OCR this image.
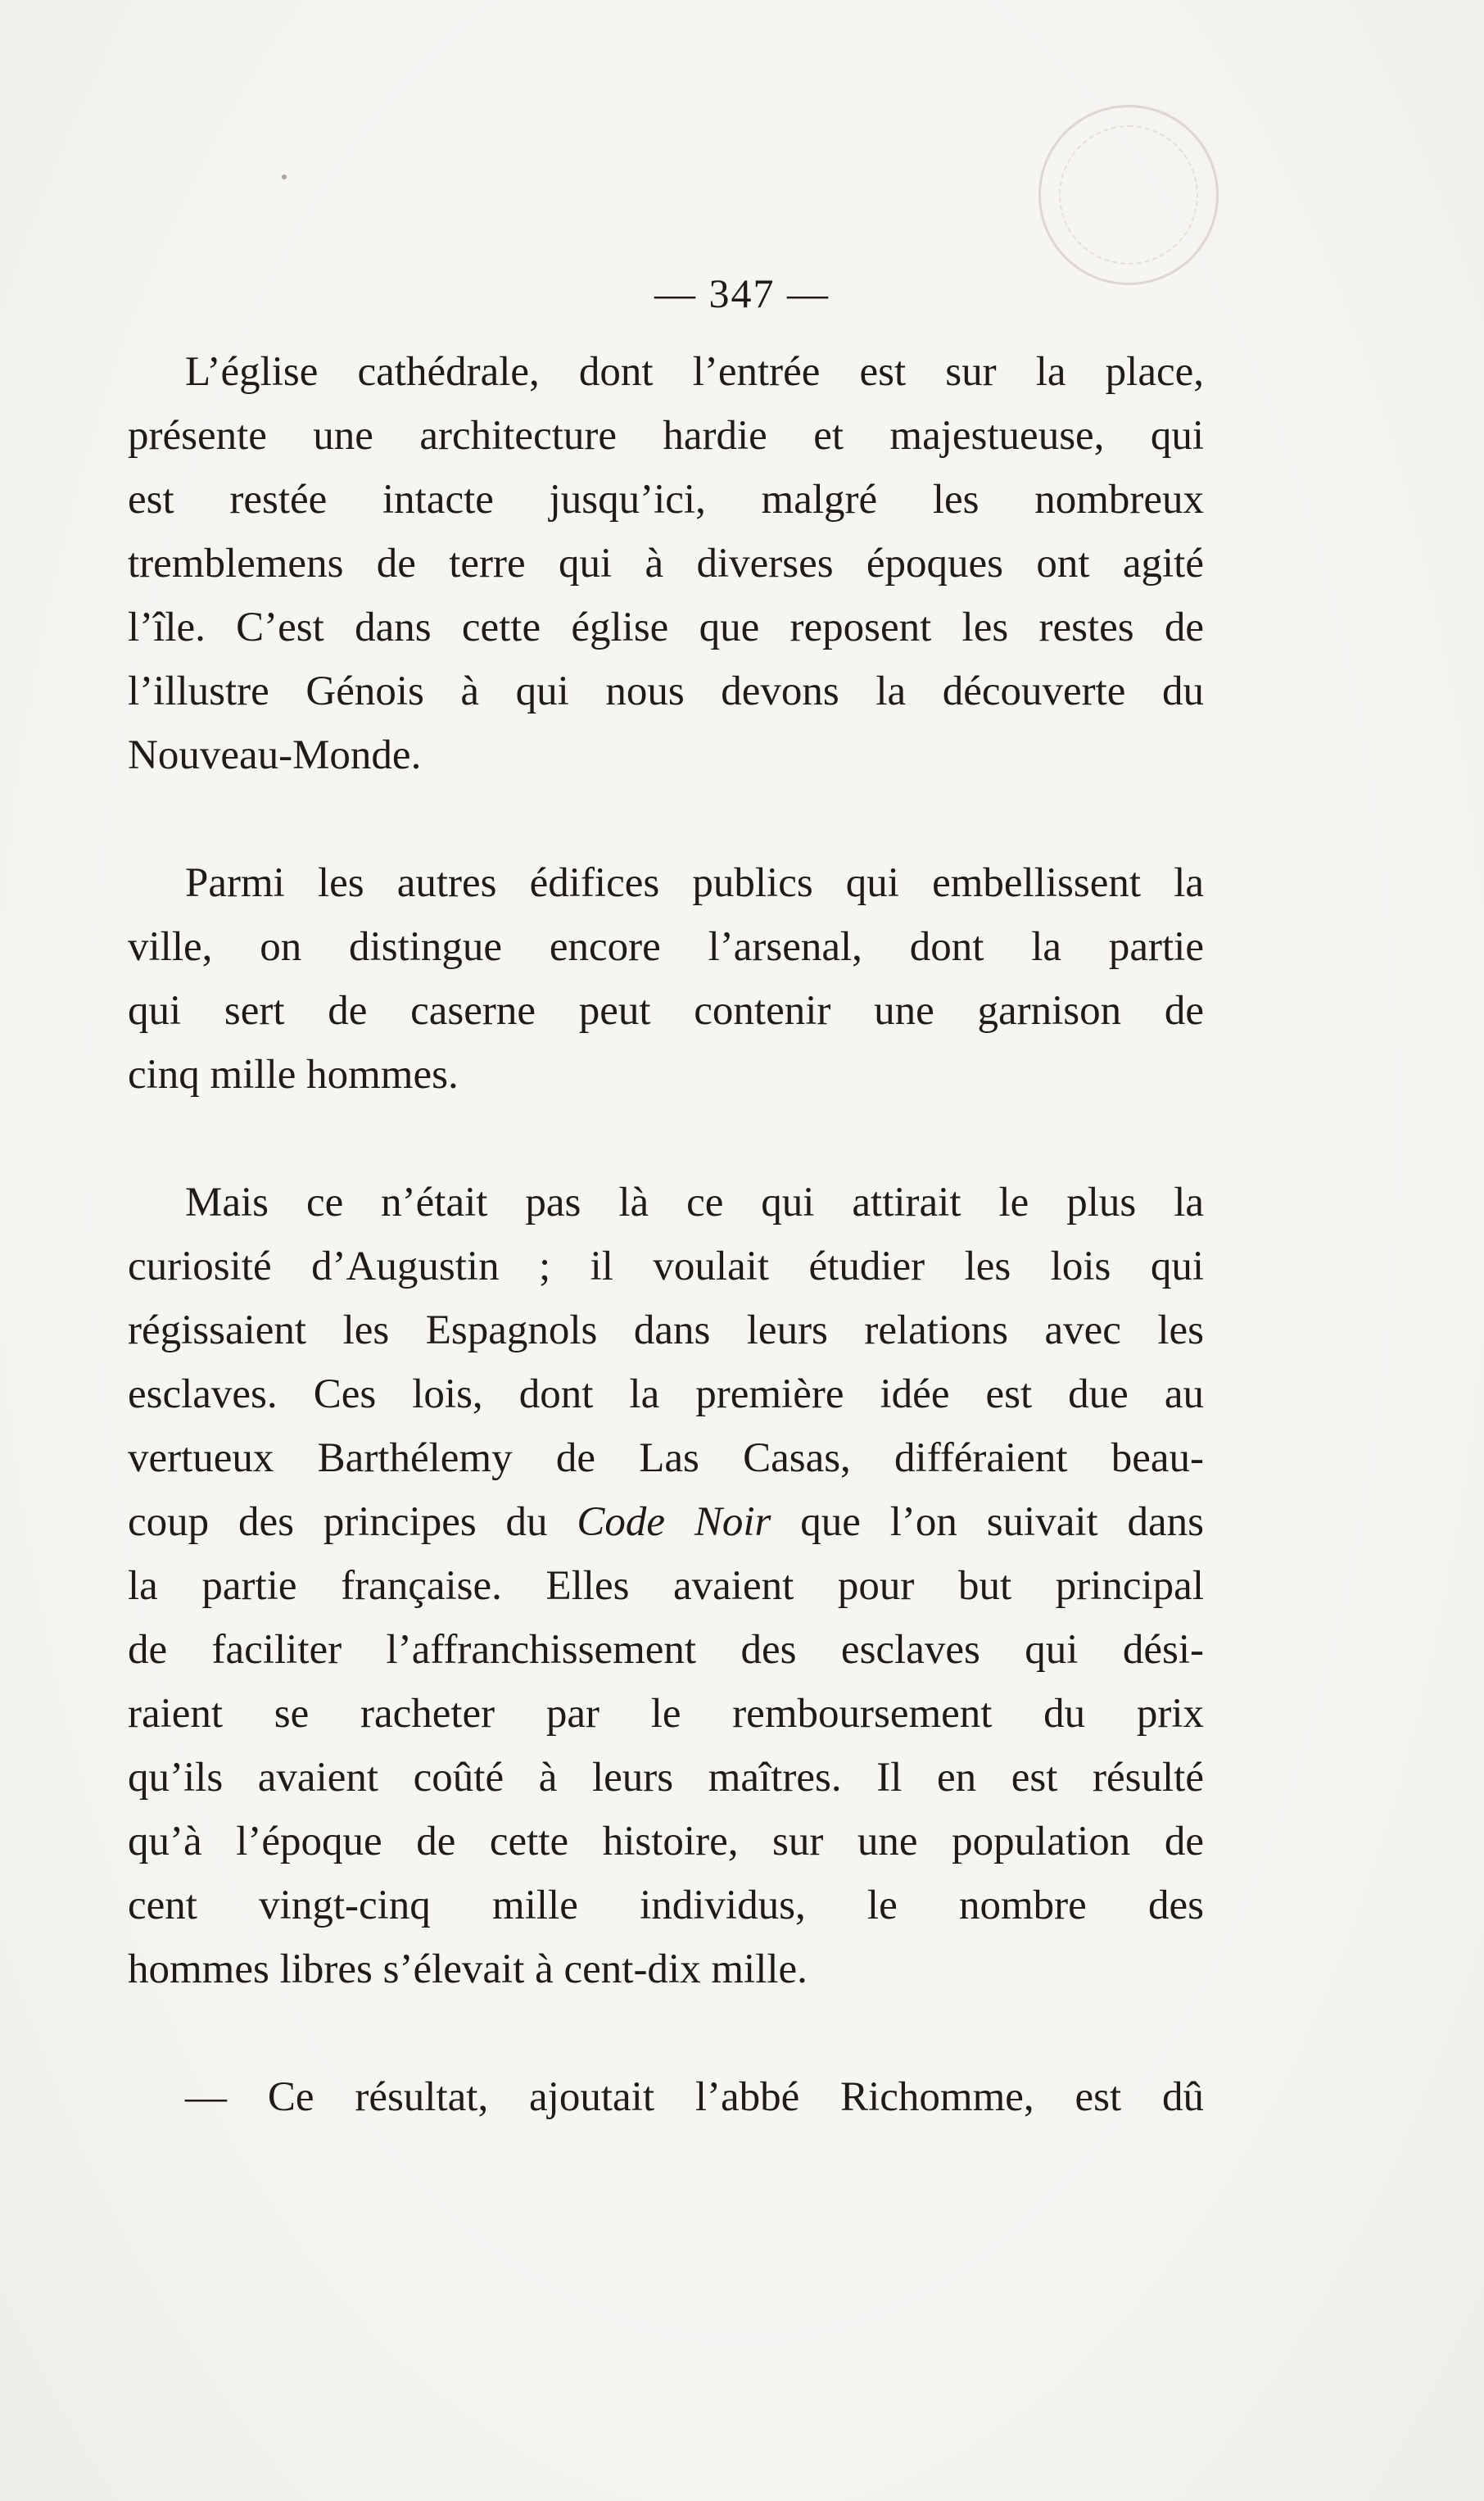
— 347 —

L’église cathédrale, dont l’entrée est sur la place,
présente une architecture hardie et majestueuse, qui
est restée intacte jusqu’ici, malgré les nombreux
tremblemens de terre qui à diverses époques ont agité
l’île. C’est dans cette église que reposent les restes de
l’illustre Génois à qui nous devons la découverte du
Nouveau-Monde.

Parmi les autres édifices publics qui embellissent la
ville, on distingue encore l’arsenal, dont la partie
qui sert de caserne peut contenir une garnison de
cinq mille hommes.

Mais ce n’était pas là ce qui attirait le plus la
curiosité d’Augustin ; il voulait étudier les lois qui
régissaient les Espagnols dans leurs relations avec les
esclaves. Ces lois, dont la première idée est due au
vertueux Barthélemy de Las Casas, différaient beau-
coup des principes du Code Noir que l’on suivait dans
la partie française. Elles avaient pour but principal
de faciliter l’affranchissement des esclaves qui dési-
raient se racheter par le remboursement du prix
qu’ils avaient coûté à leurs maîtres. Il en est résulté
qu’à l’époque de cette histoire, sur une population de
cent vingt-cinq mille individus, le nombre des
hommes libres s’élevait à cent-dix mille.

— Ce résultat, ajoutait l’abbé Richomme, est dû
